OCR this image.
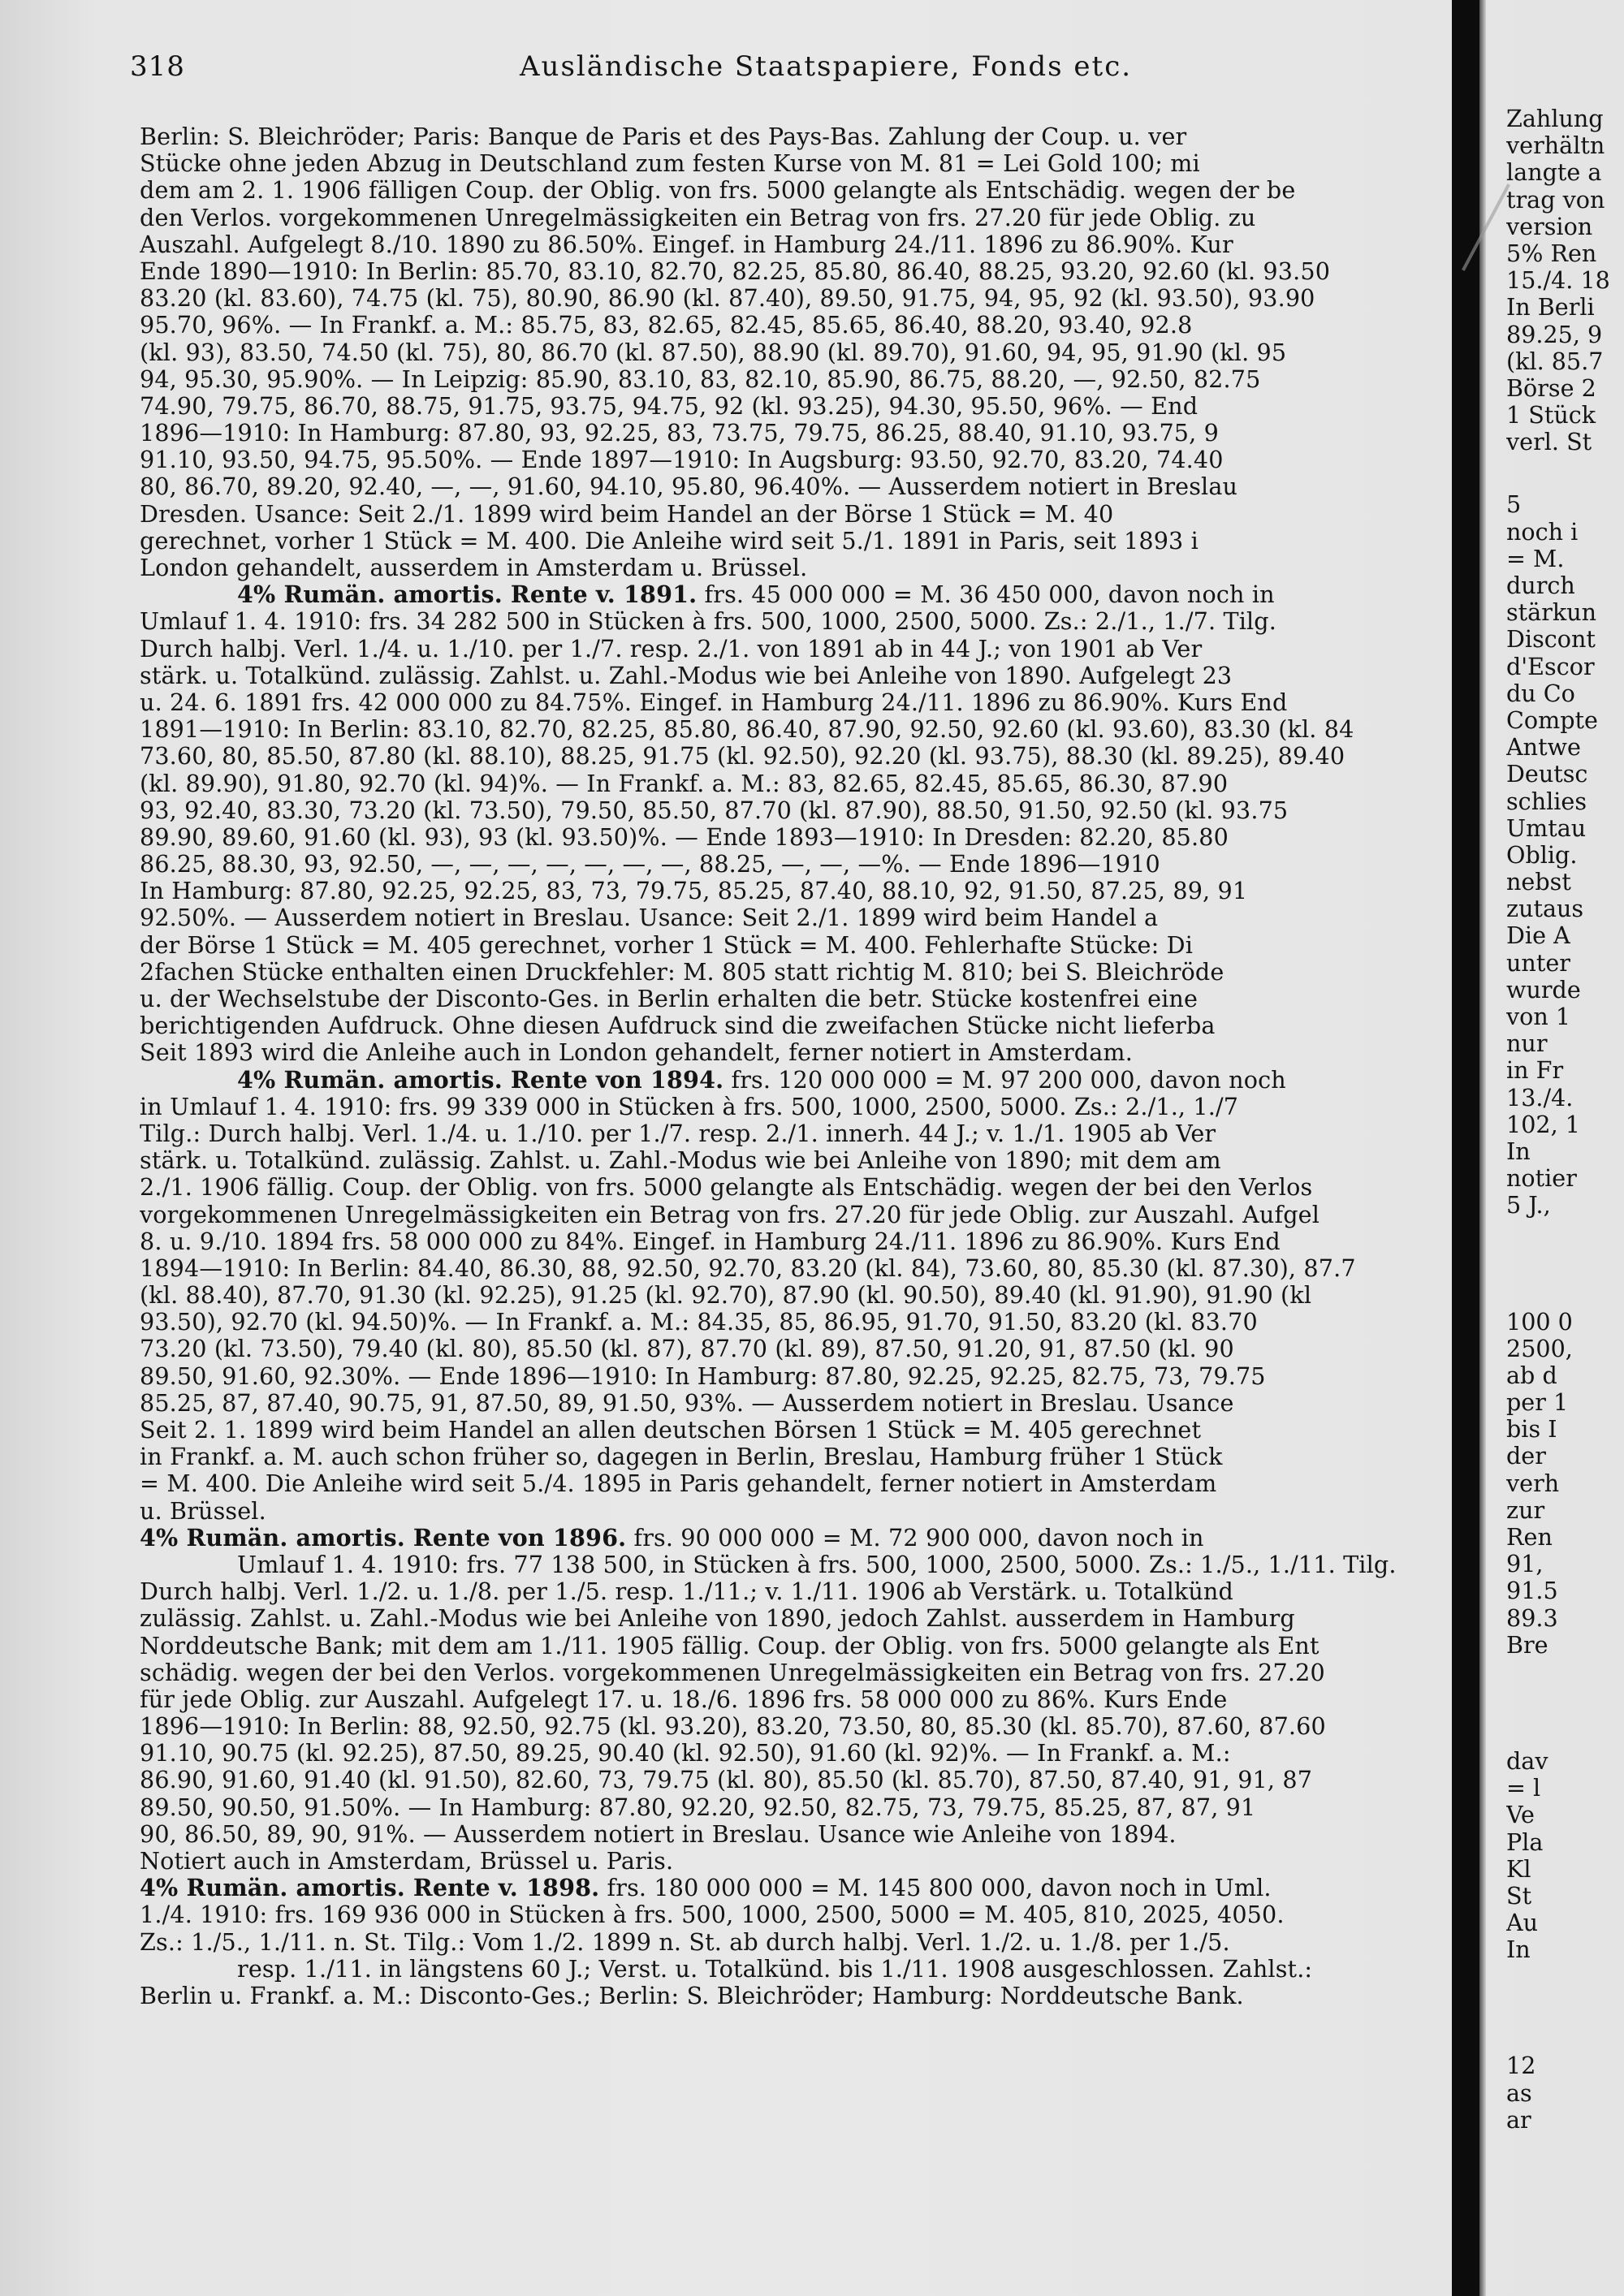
318	Ausländische Staatspapiere, Fonds etc.
Berlin: S. Bleichröder; Paris: Banque de Paris et des Pays-Bas. Zahlung der Coup. u. ver
Stücke ohne jeden Abzug in Deutschland zum festen Kurse von M. 81 = Lei Gold 100; mi
dem am 2. 1. 1906 fälligen Coup. der Oblig. von frs. 5000 gelangte als Entschädig. wegen der be
den Verlos. vorgekommenen Unregelmässigkeiten ein Betrag von frs. 27.20 für jede Oblig. zu
Auszahl. Aufgelegt 8./10. 1890 zu 86.50%. Eingef. in Hamburg 24./11. 1896 zu 86.90%. Kur
Ende 1890—1910: In Berlin: 85.70, 83.10, 82.70, 82.25, 85.80, 86.40, 88.25, 93.20, 92.60 (kl. 93.50
83.20 (kl. 83.60), 74.75 (kl. 75), 80.90, 86.90 (kl. 87.40), 89.50, 91.75, 94, 95, 92 (kl. 93.50), 93.90
95.70, 96%. — In Frankf. a. M.: 85.75, 83, 82.65, 82.45, 85.65, 86.40, 88.20, 93.40, 92.8
(kl. 93), 83.50, 74.50 (kl. 75), 80, 86.70 (kl. 87.50), 88.90 (kl. 89.70), 91.60, 94, 95, 91.90 (kl. 95
94, 95.30, 95.90%. — In Leipzig: 85.90, 83.10, 83, 82.10, 85.90, 86.75, 88.20, —, 92.50, 82.75
74.90, 79.75, 86.70, 88.75, 91.75, 93.75, 94.75, 92 (kl. 93.25), 94.30, 95.50, 96%. — End
1896—1910: In Hamburg: 87.80, 93, 92.25, 83, 73.75, 79.75, 86.25, 88.40, 91.10, 93.75, 9
91.10, 93.50, 94.75, 95.50%. — Ende 1897—1910: In Augsburg: 93.50, 92.70, 83.20, 74.40
80, 86.70, 89.20, 92.40, —, —, 91.60, 94.10, 95.80, 96.40%. — Ausserdem notiert in Breslau
Dresden. Usance: Seit 2./1. 1899 wird beim Handel an der Börse 1 Stück = M. 40
gerechnet, vorher 1 Stück = M. 400. Die Anleihe wird seit 5./1. 1891 in Paris, seit 1893 i
London gehandelt, ausserdem in Amsterdam u. Brüssel.
4% Rumän. amortis. Rente v. 1891. frs. 45 000 000 = M. 36 450 000, davon noch in
Umlauf 1. 4. 1910: frs. 34 282 500 in Stücken à frs. 500, 1000, 2500, 5000. Zs.: 2./1., 1./7. Tilg.
Durch halbj. Verl. 1./4. u. 1./10. per 1./7. resp. 2./1. von 1891 ab in 44 J.; von 1901 ab Ver
stärk. u. Totalkünd. zulässig. Zahlst. u. Zahl.-Modus wie bei Anleihe von 1890. Aufgelegt 23
u. 24. 6. 1891 frs. 42 000 000 zu 84.75%. Eingef. in Hamburg 24./11. 1896 zu 86.90%. Kurs End
1891—1910: In Berlin: 83.10, 82.70, 82.25, 85.80, 86.40, 87.90, 92.50, 92.60 (kl. 93.60), 83.30 (kl. 84
73.60, 80, 85.50, 87.80 (kl. 88.10), 88.25, 91.75 (kl. 92.50), 92.20 (kl. 93.75), 88.30 (kl. 89.25), 89.40
(kl. 89.90), 91.80, 92.70 (kl. 94)%. — In Frankf. a. M.: 83, 82.65, 82.45, 85.65, 86.30, 87.90
93, 92.40, 83.30, 73.20 (kl. 73.50), 79.50, 85.50, 87.70 (kl. 87.90), 88.50, 91.50, 92.50 (kl. 93.75
89.90, 89.60, 91.60 (kl. 93), 93 (kl. 93.50)%. — Ende 1893—1910: In Dresden: 82.20, 85.80
86.25, 88.30, 93, 92.50, —, —, —, —, —, —, —, 88.25, —, —, —%. — Ende 1896—1910
In Hamburg: 87.80, 92.25, 92.25, 83, 73, 79.75, 85.25, 87.40, 88.10, 92, 91.50, 87.25, 89, 91
92.50%. — Ausserdem notiert in Breslau. Usance: Seit 2./1. 1899 wird beim Handel a
der Börse 1 Stück = M. 405 gerechnet, vorher 1 Stück = M. 400. Fehlerhafte Stücke: Di
2fachen Stücke enthalten einen Druckfehler: M. 805 statt richtig M. 810; bei S. Bleichröde
u. der Wechselstube der Disconto-Ges. in Berlin erhalten die betr. Stücke kostenfrei eine
berichtigenden Aufdruck. Ohne diesen Aufdruck sind die zweifachen Stücke nicht lieferba
Seit 1893 wird die Anleihe auch in London gehandelt, ferner notiert in Amsterdam.
4% Rumän. amortis. Rente von 1894. frs. 120 000 000 = M. 97 200 000, davon noch
in Umlauf 1. 4. 1910: frs. 99 339 000 in Stücken à frs. 500, 1000, 2500, 5000. Zs.: 2./1., 1./7
Tilg.: Durch halbj. Verl. 1./4. u. 1./10. per 1./7. resp. 2./1. innerh. 44 J.; v. 1./1. 1905 ab Ver
stärk. u. Totalkünd. zulässig. Zahlst. u. Zahl.-Modus wie bei Anleihe von 1890; mit dem am
2./1. 1906 fällig. Coup. der Oblig. von frs. 5000 gelangte als Entschädig. wegen der bei den Verlos
vorgekommenen Unregelmässigkeiten ein Betrag von frs. 27.20 für jede Oblig. zur Auszahl. Aufgel
8. u. 9./10. 1894 frs. 58 000 000 zu 84%. Eingef. in Hamburg 24./11. 1896 zu 86.90%. Kurs End
1894—1910: In Berlin: 84.40, 86.30, 88, 92.50, 92.70, 83.20 (kl. 84), 73.60, 80, 85.30 (kl. 87.30), 87.7
(kl. 88.40), 87.70, 91.30 (kl. 92.25), 91.25 (kl. 92.70), 87.90 (kl. 90.50), 89.40 (kl. 91.90), 91.90 (kl
93.50), 92.70 (kl. 94.50)%. — In Frankf. a. M.: 84.35, 85, 86.95, 91.70, 91.50, 83.20 (kl. 83.70
73.20 (kl. 73.50), 79.40 (kl. 80), 85.50 (kl. 87), 87.70 (kl. 89), 87.50, 91.20, 91, 87.50 (kl. 90
89.50, 91.60, 92.30%. — Ende 1896—1910: In Hamburg: 87.80, 92.25, 92.25, 82.75, 73, 79.75
85.25, 87, 87.40, 90.75, 91, 87.50, 89, 91.50, 93%. — Ausserdem notiert in Breslau. Usance
Seit 2. 1. 1899 wird beim Handel an allen deutschen Börsen 1 Stück = M. 405 gerechnet
in Frankf. a. M. auch schon früher so, dagegen in Berlin, Breslau, Hamburg früher 1 Stück
= M. 400. Die Anleihe wird seit 5./4. 1895 in Paris gehandelt, ferner notiert in Amsterdam
u. Brüssel.
4% Rumän. amortis. Rente von 1896. frs. 90 000 000 = M. 72 900 000, davon noch in
Umlauf 1. 4. 1910: frs. 77 138 500, in Stücken à frs. 500, 1000, 2500, 5000. Zs.: 1./5., 1./11. Tilg.
Durch halbj. Verl. 1./2. u. 1./8. per 1./5. resp. 1./11.; v. 1./11. 1906 ab Verstärk. u. Totalkünd
zulässig. Zahlst. u. Zahl.-Modus wie bei Anleihe von 1890, jedoch Zahlst. ausserdem in Hamburg
Norddeutsche Bank; mit dem am 1./11. 1905 fällig. Coup. der Oblig. von frs. 5000 gelangte als Ent
schädig. wegen der bei den Verlos. vorgekommenen Unregelmässigkeiten ein Betrag von frs. 27.20
für jede Oblig. zur Auszahl. Aufgelegt 17. u. 18./6. 1896 frs. 58 000 000 zu 86%. Kurs Ende
1896—1910: In Berlin: 88, 92.50, 92.75 (kl. 93.20), 83.20, 73.50, 80, 85.30 (kl. 85.70), 87.60, 87.60
91.10, 90.75 (kl. 92.25), 87.50, 89.25, 90.40 (kl. 92.50), 91.60 (kl. 92)%. — In Frankf. a. M.:
86.90, 91.60, 91.40 (kl. 91.50), 82.60, 73, 79.75 (kl. 80), 85.50 (kl. 85.70), 87.50, 87.40, 91, 91, 87
89.50, 90.50, 91.50%. — In Hamburg: 87.80, 92.20, 92.50, 82.75, 73, 79.75, 85.25, 87, 87, 91
90, 86.50, 89, 90, 91%. — Ausserdem notiert in Breslau. Usance wie Anleihe von 1894.
Notiert auch in Amsterdam, Brüssel u. Paris.
4% Rumän. amortis. Rente v. 1898. frs. 180 000 000 = M. 145 800 000, davon noch in Uml.
1./4. 1910: frs. 169 936 000 in Stücken à frs. 500, 1000, 2500, 5000 = M. 405, 810, 2025, 4050.
Zs.: 1./5., 1./11. n. St. Tilg.: Vom 1./2. 1899 n. St. ab durch halbj. Verl. 1./2. u. 1./8. per 1./5.
resp. 1./11. in längstens 60 J.; Verst. u. Totalkünd. bis 1./11. 1908 ausgeschlossen. Zahlst.:
Berlin u. Frankf. a. M.: Disconto-Ges.; Berlin: S. Bleichröder; Hamburg: Norddeutsche Bank.
Zahlung
verhältn
langte a
trag von
version
5% Ren
15./4. 18
In Berli
89.25, 9
(kl. 85.7
Börse 2
1 Stück
verl. St
5
noch i
= M.
durch
stärkun
Discont
d'Escor
du Co
Compte
Antwe
Deutsc
schlies
Umtau
Oblig.
nebst
zutaus
Die A
unter
wurde
von 1
nur
in Fr
13./4.
102, 1
In
notier
5 J.,
100 0
2500,
ab d
per 1
bis I
der
verh
zur
Ren
91,
91.5
89.3
Bre
dav
= l
Ve
Pla
Kl
St
Au
In
12
as
ar
